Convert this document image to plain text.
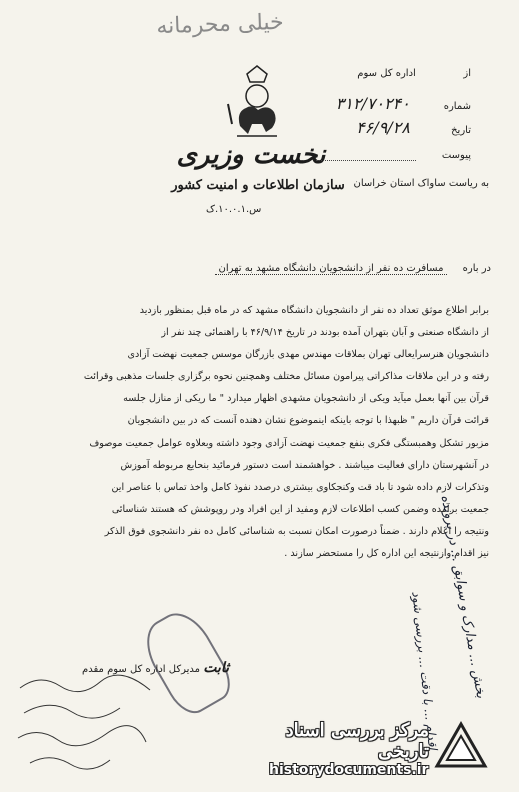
خیلی محرمانه
نخست وزیری
سازمان اطلاعات و امنیت کشور
س.۱۰.۰.۱.ک
از اداره کل سوم
شماره ۳۱۲/۷۰۲۴۰
تاریخ ۴۶/۹/۲۸
پیوست
به ریاست ساواک استان خراسان
در باره مسافرت ده نفر از دانشجویان دانشگاه مشهد به تهران
برابر اطلاع موثق تعداد ده نفر از دانشجویان دانشگاه مشهد که در ماه قبل بمنظور بازدید
از دانشگاه صنعتی و آبان بتهران آمده بودند در تاریخ ۴۶/۹/۱۴ با راهنمائی چند نفر از
دانشجویان هنرسرایعالی تهران بملاقات مهندس مهدی بازرگان موسس جمعیت نهضت آزادی
رفته و در این ملاقات مذاکراتی پیرامون مسائل مختلف وهمچنین نحوه برگزاری جلسات مذهبی وقرائت
قرآن بین آنها بعمل میآید ویکی از دانشجویان مشهدی اظهار میدارد " ما ریکی از منازل جلسه
قرائت قرآن داریم " ظبهذا با توجه باینکه اینموضوع نشان دهنده آنست که در بین دانشجویان
مزبور تشکل وهمبستگی فکری بنفع جمعیت نهضت آزادی وجود داشته وبعلاوه عوامل جمعیت موصوف
در آنشهرستان دارای فعالیت میباشند . خواهشمند است دستور فرمائید بنحایع مربوطه آموزش
وتذکرات لازم داده شود تا باد قت وکنجکاوی بیشتری درصدد نفوذ کامل واخذ تماس با عناصر این
جمعیت برآمده وضمن کسب اطلاعات لازم ومفید از این افراد ودر روپوشش که هستند شناسائی
ونتیجه را اعلام دارند . ضمناً درصورت امکان نسبت به شناسائی کامل ده نفر دانشجوی فوق الذکر
نیز اقدام وازنتیجه این اداره کل را مستحضر سازند .
ثابت مدیرکل اداره کل سوم مقدم	بخش ... مدارک و سوابق ... در پرونده
اقدام ... با دقت ... بررسی شود
مرکز بررسی اسناد تاریخی
historydocuments.ir
